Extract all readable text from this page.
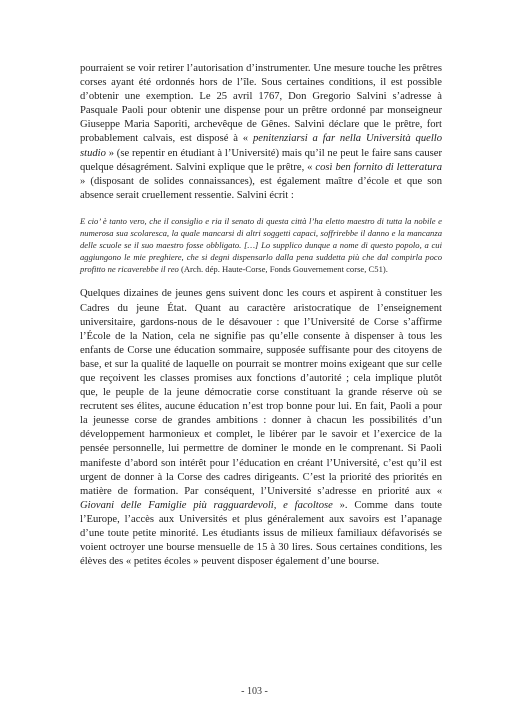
pourraient se voir retirer l’autorisation d’instrumenter. Une mesure touche les prêtres corses ayant été ordonnés hors de l’île. Sous certaines conditions, il est possible d’obtenir une exemption. Le 25 avril 1767, Don Gregorio Salvini s’adresse à Pasquale Paoli pour obtenir une dispense pour un prêtre ordonné par monseigneur Giuseppe Maria Saporiti, archevêque de Gênes. Salvini déclare que le prêtre, fort probablement calvais, est disposé à « penitenziarsi a far nella Università quello studio » (se repentir en étudiant à l’Université) mais qu’il ne peut le faire sans causer quelque désagrément. Salvini explique que le prêtre, « così ben fornito di letteratura » (disposant de solides connaissances), est également maître d’école et que son absence serait cruellement ressentie. Salvini écrit :

E cio’ è tanto vero, che il consiglio e ria il senato di questa città l’ha eletto maestro di tutta la nobile e numerosa sua scolaresca, la quale mancarsi di altri soggetti capaci, soffrirebbe il danno e la mancanza delle scuole se il suo maestro fosse obbligato. […] Lo supplico dunque a nome di questo popolo, a cui aggiungono le mie preghiere, che si degni dispensarlo dalla pena suddetta più che dal compirla poco profitto ne ricaverebbe il reo (Arch. dép. Haute-Corse, Fonds Gouvernement corse, C51).

Quelques dizaines de jeunes gens suivent donc les cours et aspirent à constituer les Cadres du jeune État. Quant au caractère aristocratique de l’enseignement universitaire, gardons-nous de le désavouer : que l’Université de Corse s’affirme l’École de la Nation, cela ne signifie pas qu’elle consente à dispenser à tous les enfants de Corse une éducation sommaire, supposée suffisante pour des citoyens de base, et sur la qualité de laquelle on pourrait se montrer moins exigeant que sur celle que reçoivent les classes promises aux fonctions d’autorité ; cela implique plutôt que, le peuple de la jeune démocratie corse constituant la grande réserve où se recrutent ses élites, aucune éducation n’est trop bonne pour lui. En fait, Paoli a pour la jeunesse corse de grandes ambitions : donner à chacun les possibilités d’un développement harmonieux et complet, le libérer par le savoir et l’exercice de la pensée personnelle, lui permettre de dominer le monde en le comprenant. Si Paoli manifeste d’abord son intérêt pour l’éducation en créant l’Université, c’est qu’il est urgent de donner à la Corse des cadres dirigeants. C’est la priorité des priorités en matière de formation. Par conséquent, l’Université s’adresse en priorité aux « Giovani delle Famiglie più ragguardevoli, e facoltose ». Comme dans toute l’Europe, l’accès aux Universités et plus généralement aux savoirs est l’apanage d’une toute petite minorité. Les étudiants issus de milieux familiaux défavorisés se voient octroyer une bourse mensuelle de 15 à 30 lires. Sous certaines conditions, les élèves des « petites écoles » peuvent disposer également d’une bourse.

- 103 -
